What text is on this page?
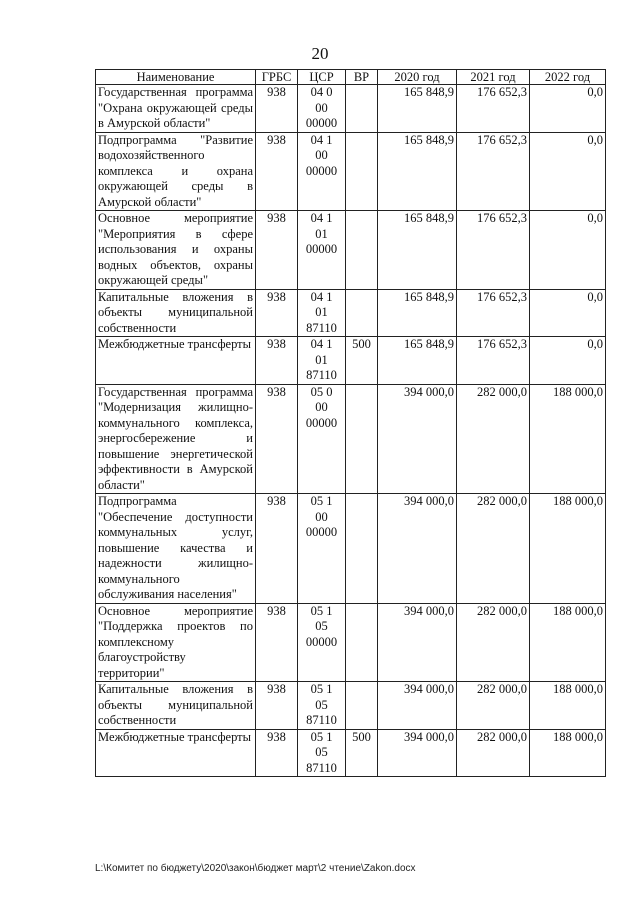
20
Наименование	ГРБС	ЦСР	ВР	2020 год	2021 год	2022 год
Государственная программа "Охрана окружающей среды в Амурской области"	938	04 0
00
00000		165 848,9	176 652,3	0,0
Подпрограмма "Развитие водохозяйственного комплекса и охрана окружающей среды в Амурской области"	938	04 1
00
00000		165 848,9	176 652,3	0,0
Основное мероприятие "Мероприятия в сфере использования и охраны водных объектов, охраны окружающей среды"	938	04 1
01
00000		165 848,9	176 652,3	0,0
Капитальные вложения в объекты муниципальной собственности	938	04 1
01
87110		165 848,9	176 652,3	0,0
Межбюджетные трансферты	938	04 1
01
87110	500	165 848,9	176 652,3	0,0
Государственная программа "Модернизация жилищно-коммунального комплекса, энергосбережение и повышение энергетической эффективности в Амурской области"	938	05 0
00
00000		394 000,0	282 000,0	188 000,0
Подпрограмма "Обеспечение доступности коммунальных услуг, повышение качества и надежности жилищно-коммунального обслуживания населения"	938	05 1
00
00000		394 000,0	282 000,0	188 000,0
Основное мероприятие "Поддержка проектов по комплексному благоустройству территории"	938	05 1
05
00000		394 000,0	282 000,0	188 000,0
Капитальные вложения в объекты муниципальной собственности	938	05 1
05
87110		394 000,0	282 000,0	188 000,0
Межбюджетные трансферты	938	05 1
05
87110	500	394 000,0	282 000,0	188 000,0
L:\Комитет по бюджету\2020\закон\бюджет март\2 чтение\Zakon.docx
